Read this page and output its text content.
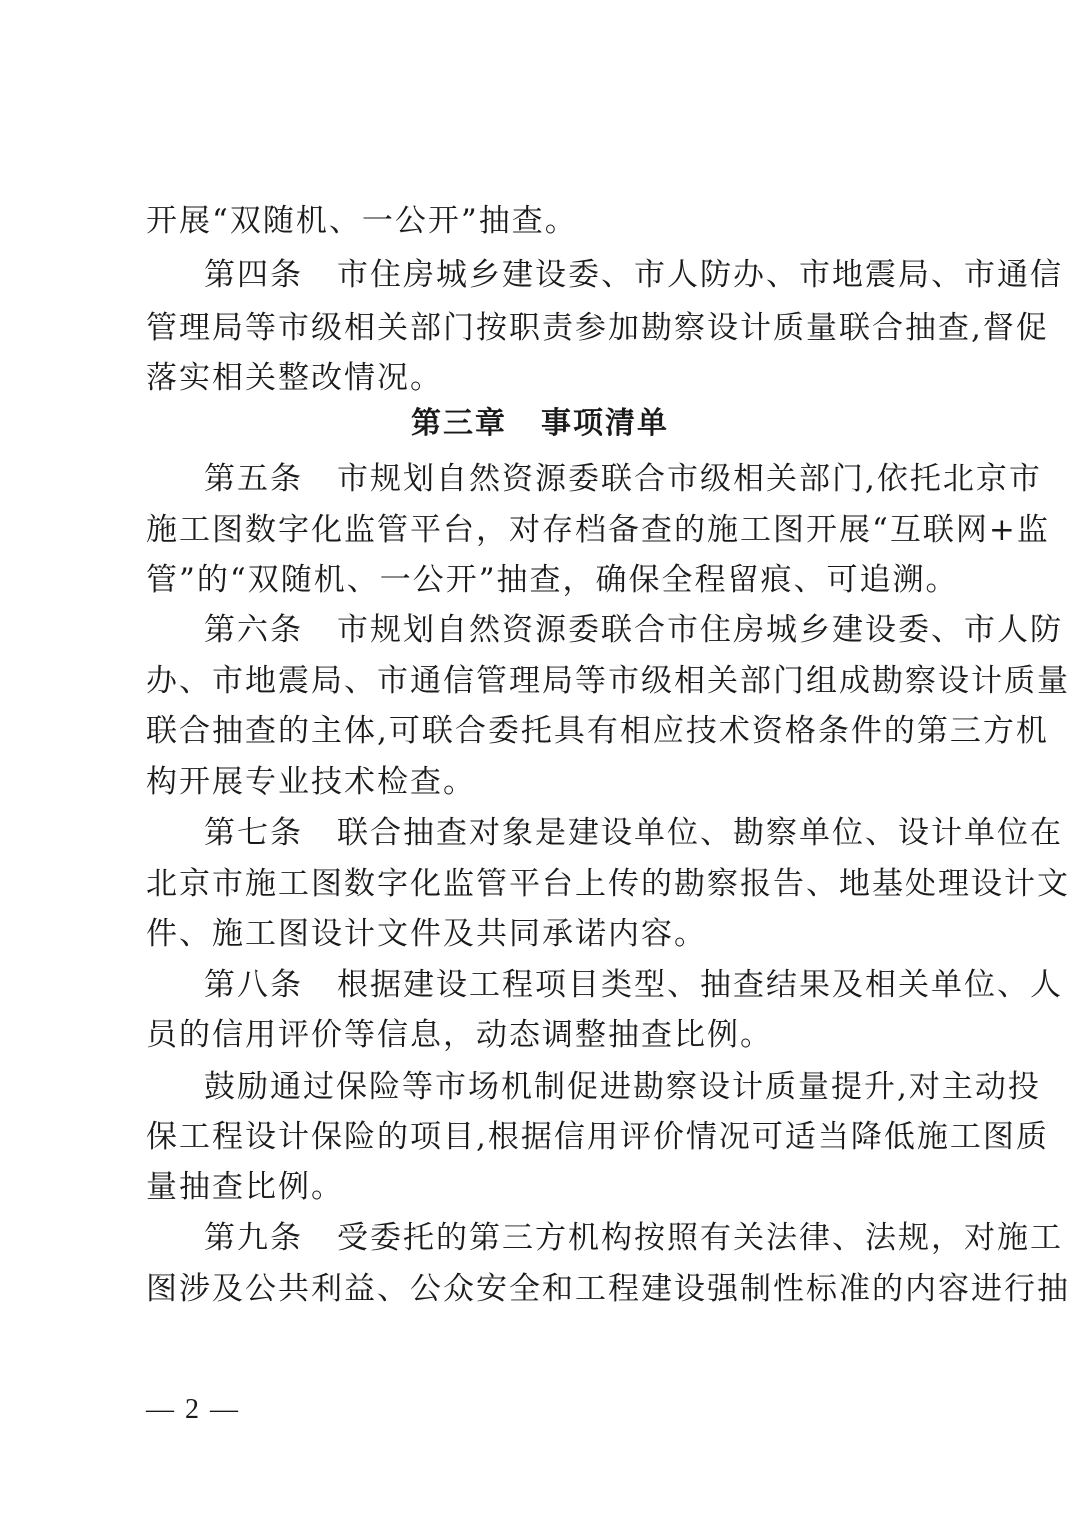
开展“双随机、一公开”抽查。
第四条 市住房城乡建设委、市人防办、市地震局、市通信
管理局等市级相关部门按职责参加勘察设计质量联合抽查,督促
落实相关整改情况。
第三章 事项清单
第五条 市规划自然资源委联合市级相关部门,依托北京市
施工图数字化监管平台，对存档备查的施工图开展“互联网+监
管”的“双随机、一公开”抽查，确保全程留痕、可追溯。
第六条 市规划自然资源委联合市住房城乡建设委、市人防
办、市地震局、市通信管理局等市级相关部门组成勘察设计质量
联合抽查的主体,可联合委托具有相应技术资格条件的第三方机
构开展专业技术检查。
第七条 联合抽查对象是建设单位、勘察单位、设计单位在
北京市施工图数字化监管平台上传的勘察报告、地基处理设计文
件、施工图设计文件及共同承诺内容。
第八条 根据建设工程项目类型、抽查结果及相关单位、人
员的信用评价等信息，动态调整抽查比例。
鼓励通过保险等市场机制促进勘察设计质量提升,对主动投
保工程设计保险的项目,根据信用评价情况可适当降低施工图质
量抽查比例。
第九条 受委托的第三方机构按照有关法律、法规，对施工
图涉及公共利益、公众安全和工程建设强制性标准的内容进行抽
— 2 —
